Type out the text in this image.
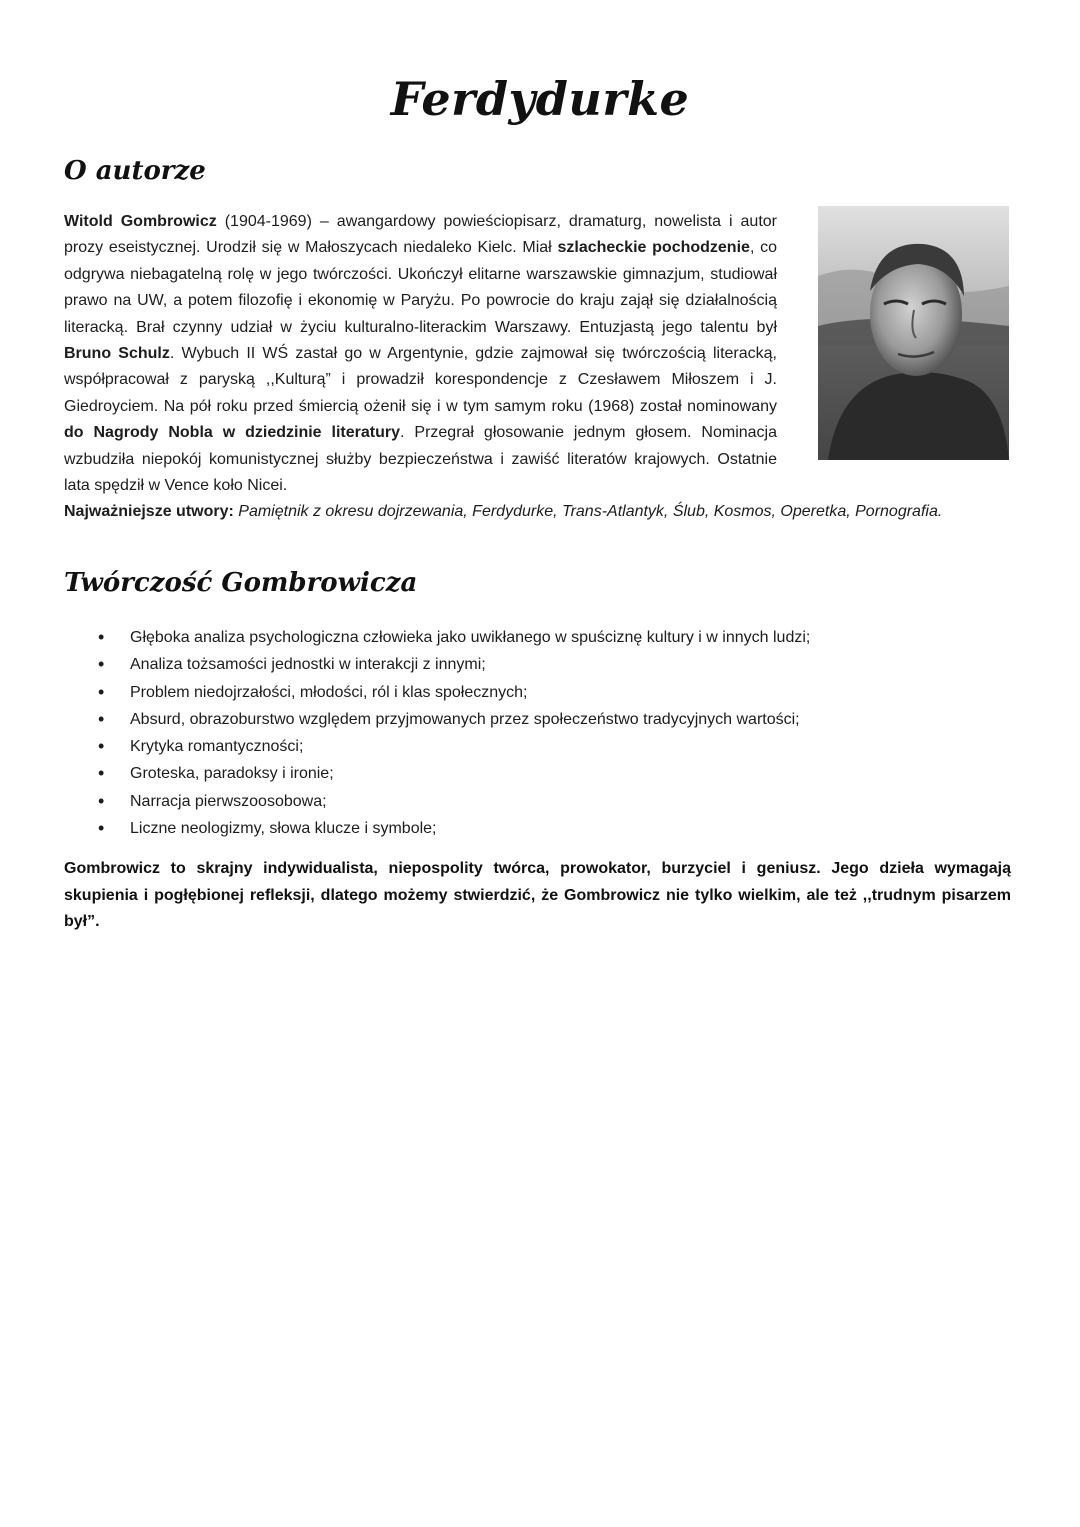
Ferdydurke
O autorze
Witold Gombrowicz (1904-1969) – awangardowy powieściopisarz, dramaturg, nowelista i autor prozy eseistycznej. Urodził się w Małoszycach niedaleko Kielc. Miał szlacheckie pochodzenie, co odgrywa niebagatelną rolę w jego twórczości. Ukończył elitarne warszawskie gimnazjum, studiował prawo na UW, a potem filozofię i ekonomię w Paryżu. Po powrocie do kraju zajął się działalnością literacką. Brał czynny udział w życiu kulturalno-literackim Warszawy. Entuzjastą jego talentu był Bruno Schulz. Wybuch II WŚ zastał go w Argentynie, gdzie zajmował się twórczością literacką, współpracował z paryską ,,Kulturą” i prowadził korespondencje z Czesławem Miłoszem i J. Giedroyciem. Na pół roku przed śmiercią ożenił się i w tym samym roku (1968) został nominowany do Nagrody Nobla w dziedzinie literatury. Przegrał głosowanie jednym głosem. Nominacja wzbudziła niepokój komunistycznej służby bezpieczeństwa i zawiść literatów krajowych. Ostatnie lata spędził w Vence koło Nicei.
Najważniejsze utwory: Pamiętnik z okresu dojrzewania, Ferdydurke, Trans-Atlantyk, Ślub, Kosmos, Operetka, Pornografia.
Twórczość Gombrowicza
• Głęboka analiza psychologiczna człowieka jako uwikłanego w spuściznę kultury i w innych ludzi;
• Analiza tożsamości jednostki w interakcji z innymi;
• Problem niedojrzałości, młodości, ról i klas społecznych;
• Absurd, obrazoburstwo względem przyjmowanych przez społeczeństwo tradycyjnych wartości;
• Krytyka romantyczności;
• Groteska, paradoksy i ironie;
• Narracja pierwszoosobowa;
• Liczne neologizmy, słowa klucze i symbole;
Gombrowicz to skrajny indywidualista, niepospolity twórca, prowokator, burzyciel i geniusz. Jego dzieła wymagają skupienia i pogłębionej refleksji, dlatego możemy stwierdzić, że Gombrowicz nie tylko wielkim, ale też ,,trudnym pisarzem był”.
